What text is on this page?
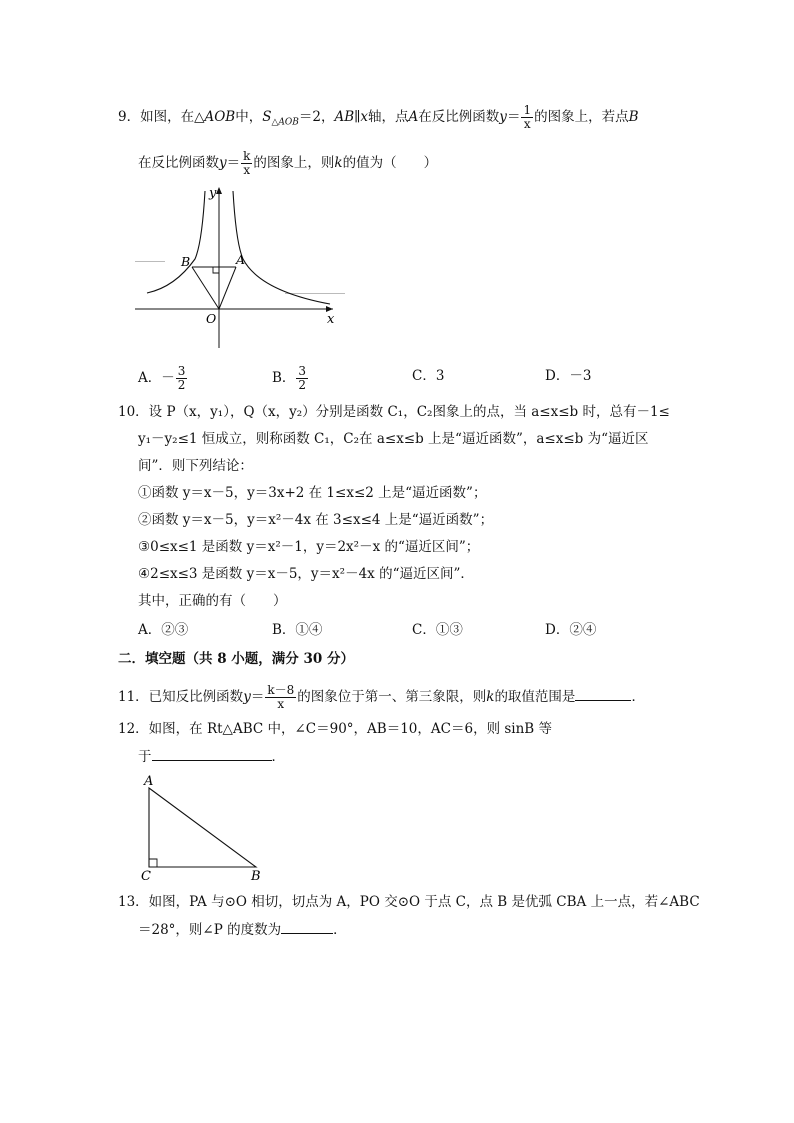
9．如图，在△AOB中，$S_{\triangle AOB}=2$，AB∥x轴，点A在反比例函数$y= \frac{1}{x}$ 的图象上，若点B
在反比例函数$y= \frac{k}{x}$ 的图象上，则k的值为（　　）
y
x
B	A
O
A．－ $\frac{3}{2}$	B． $\frac{3}{2}$	C．3	D．－3
10．设 P（x，y₁），Q（x，y₂）分别是函数 C₁，C₂图象上的点，当 a≤x≤b 时，总有－1≤
y₁－y₂≤1 恒成立，则称函数 C₁，C₂在 a≤x≤b 上是“逼近函数”，a≤x≤b 为“逼近区
间”．则下列结论：
①函数 y＝x－5，y＝3x+2 在 1≤x≤2 上是“逼近函数”；
②函数 y＝x－5，y＝x²－4x 在 3≤x≤4 上是“逼近函数”；
③0≤x≤1 是函数 y＝x²－1，y＝2x²－x 的“逼近区间”；
④2≤x≤3 是函数 y＝x－5，y＝x²－4x 的“逼近区间”．
其中，正确的有（　　）
A．②③	B．①④	C．①③	D．②④
二．填空题（共 8 小题，满分 30 分）
11．已知反比例函数$y= \frac{k-8}{x}$ 的图象位于第一、第三象限，则k的取值范围是	．
12．如图，在 Rt△ABC 中，∠C＝90°，AB＝10，AC＝6，则 sinB 等
于	．
A
C	B
13．如图，PA 与⊙O 相切，切点为 A，PO 交⊙O 于点 C，点 B 是优弧 CBA 上一点，若∠ABC
＝28°，则∠P 的度数为	．
